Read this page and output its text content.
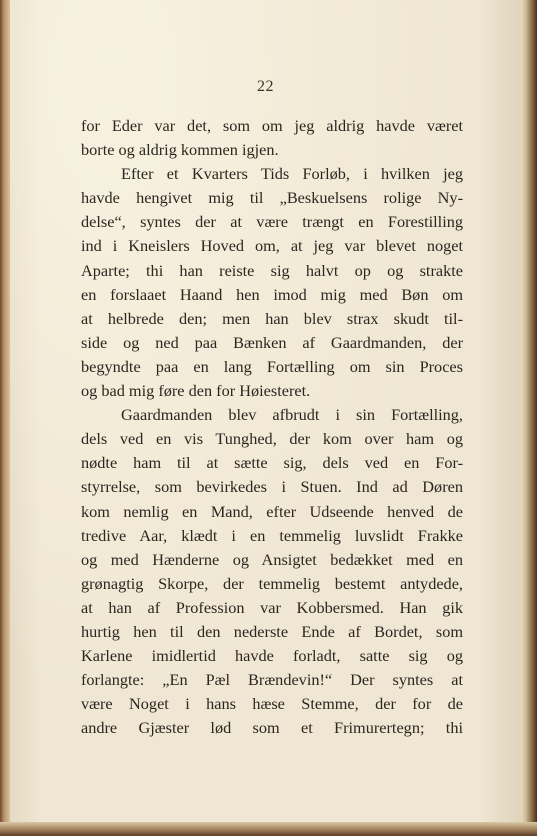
22
for Eder var det, som om jeg aldrig havde været
borte og aldrig kommen igjen.
Efter et Kvarters Tids Forløb, i hvilken jeg
havde hengivet mig til „Beskuelsens rolige Ny-
delse“, syntes der at være trængt en Forestilling
ind i Kneislers Hoved om, at jeg var blevet noget
Aparte; thi han reiste sig halvt op og strakte
en forslaaet Haand hen imod mig med Bøn om
at helbrede den; men han blev strax skudt til-
side og ned paa Bænken af Gaardmanden, der
begyndte paa en lang Fortælling om sin Proces
og bad mig føre den for Høiesteret.
Gaardmanden blev afbrudt i sin Fortælling,
dels ved en vis Tunghed, der kom over ham og
nødte ham til at sætte sig, dels ved en For-
styrrelse, som bevirkedes i Stuen. Ind ad Døren
kom nemlig en Mand, efter Udseende henved de
tredive Aar, klædt i en temmelig luvslidt Frakke
og med Hænderne og Ansigtet bedækket med en
grønagtig Skorpe, der temmelig bestemt antydede,
at han af Profession var Kobbersmed. Han gik
hurtig hen til den nederste Ende af Bordet, som
Karlene imidlertid havde forladt, satte sig og
forlangte: „En Pæl Brændevin!“ Der syntes at
være Noget i hans hæse Stemme, der for de
andre Gjæster lød som et Frimurertegn; thi
